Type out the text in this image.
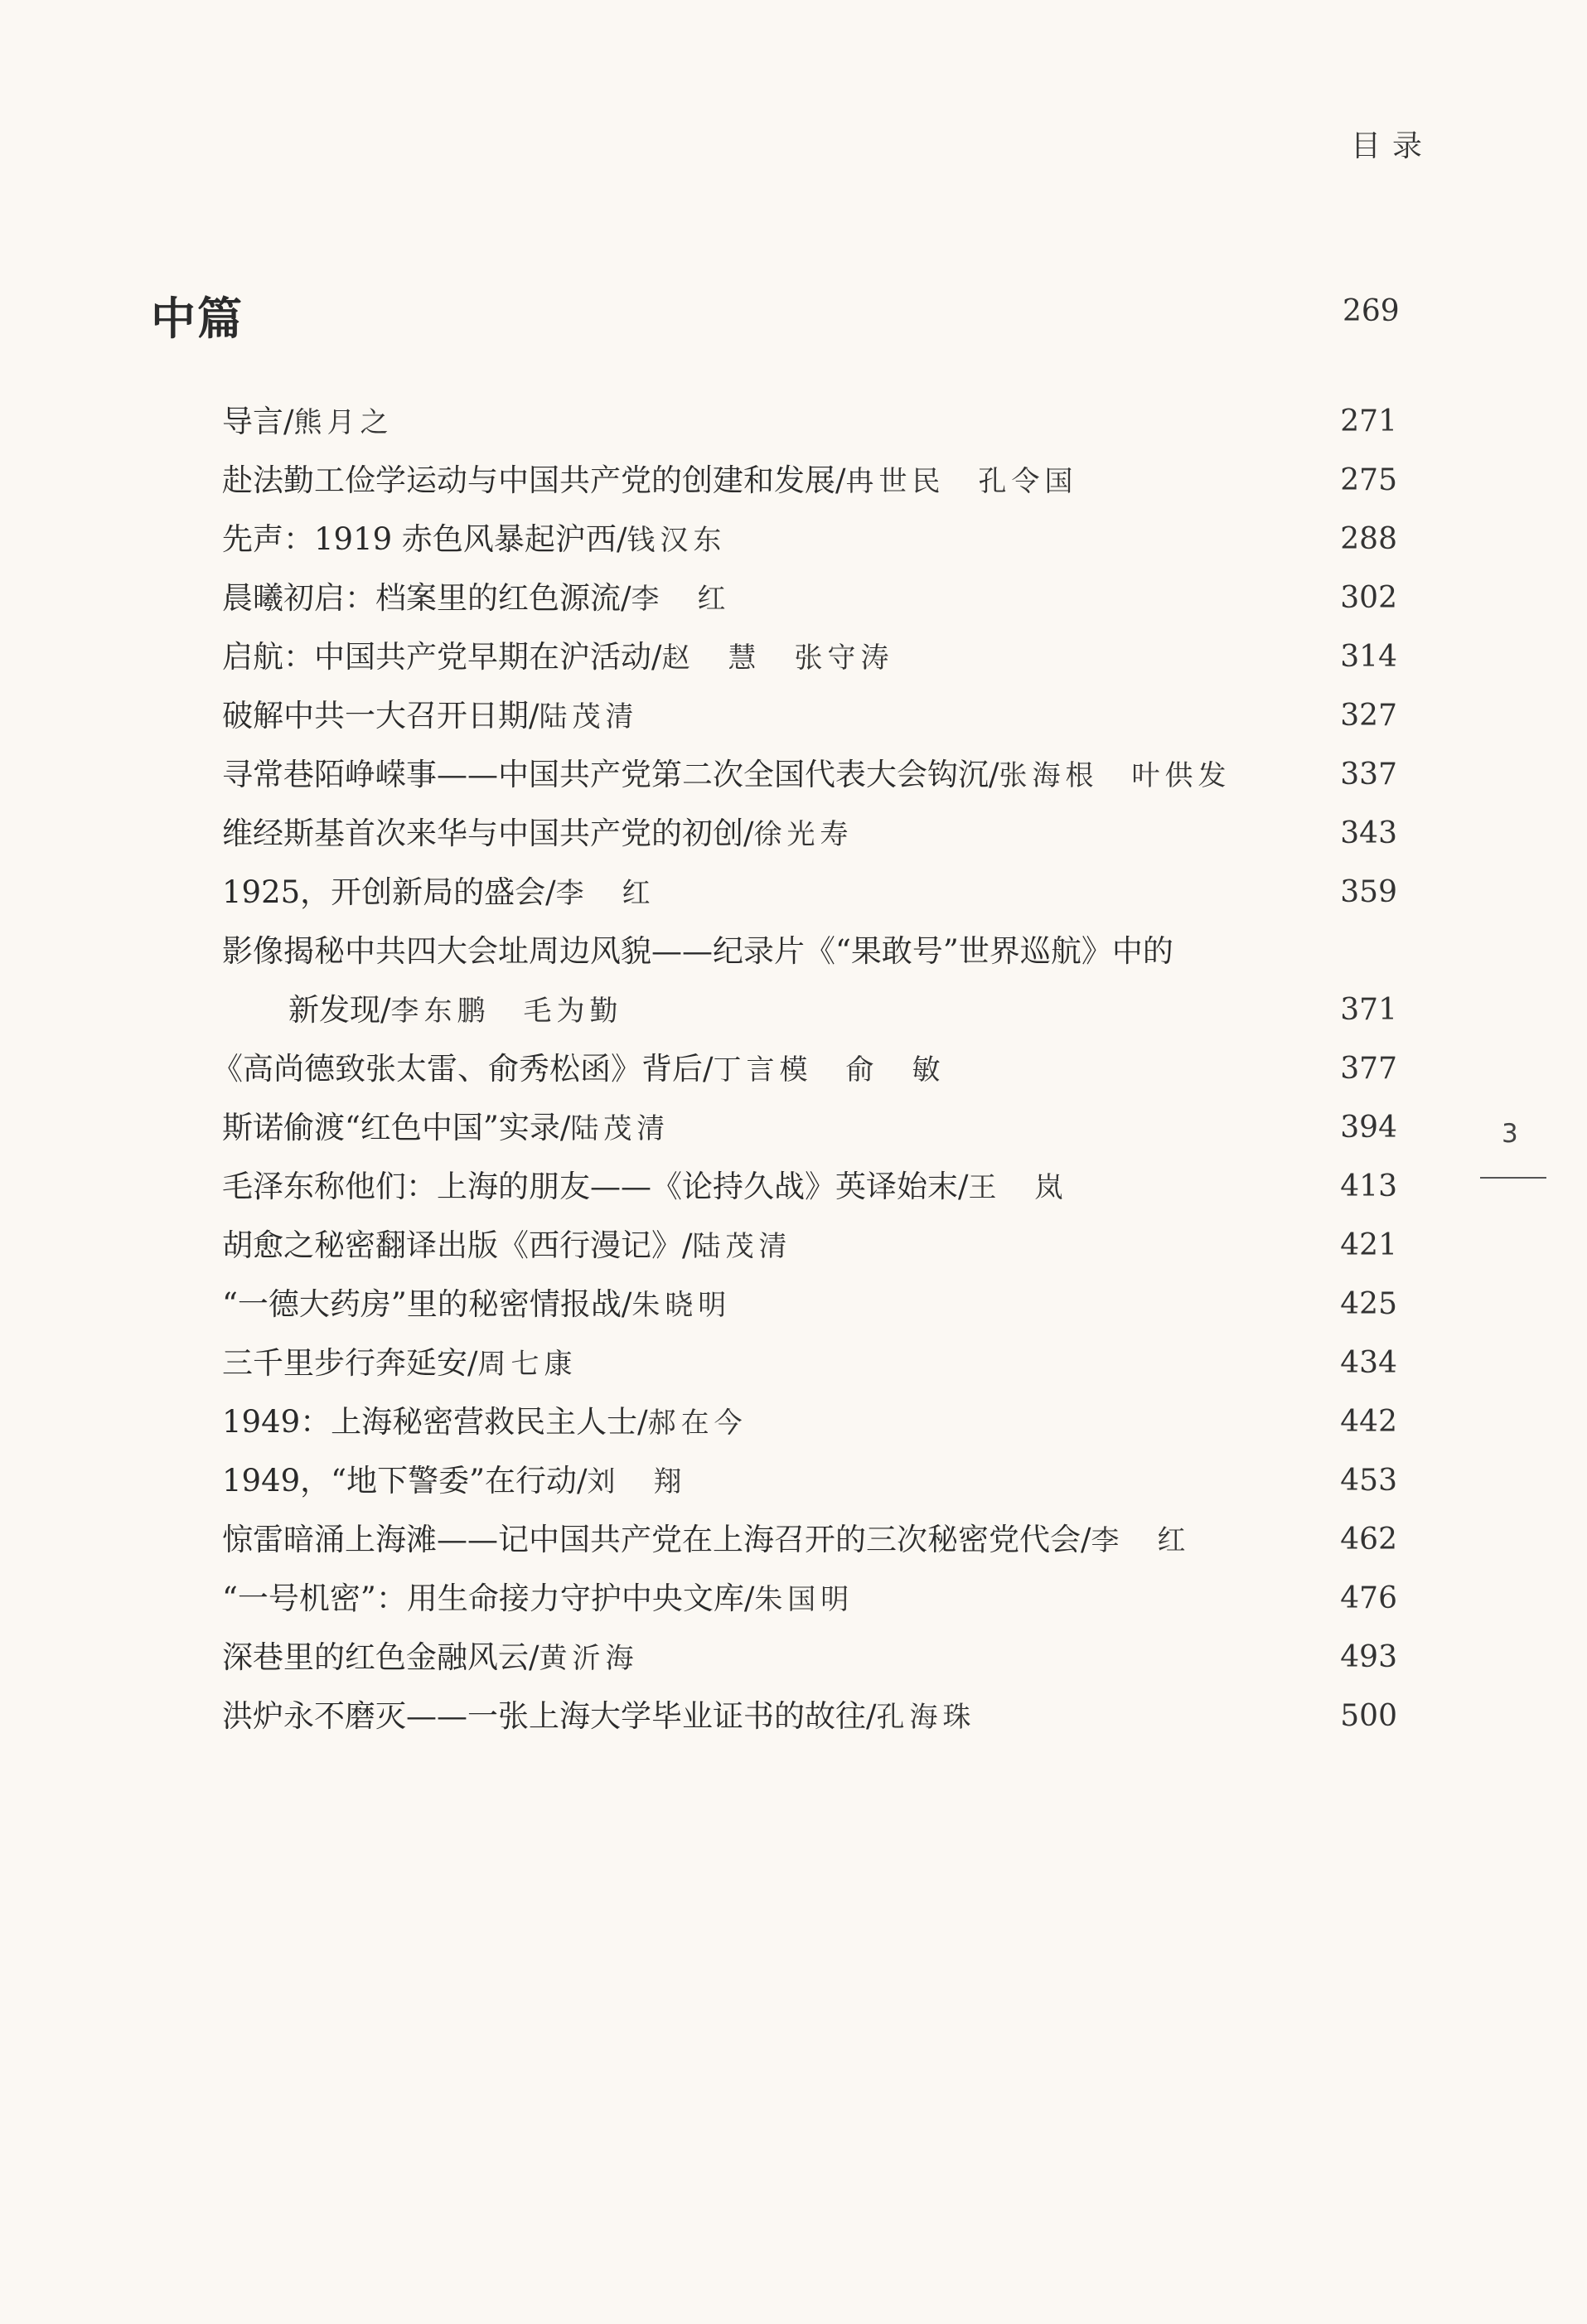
目录
中篇	269
导言/熊月之	271
赴法勤工俭学运动与中国共产党的创建和发展/冉世民　孔令国	275
先声：1919 赤色风暴起沪西/钱汉东	288
晨曦初启：档案里的红色源流/李　红	302
启航：中国共产党早期在沪活动/赵　慧　张守涛	314
破解中共一大召开日期/陆茂清	327
寻常巷陌峥嵘事——中国共产党第二次全国代表大会钩沉/张海根　叶供发	337
维经斯基首次来华与中国共产党的初创/徐光寿	343
1925，开创新局的盛会/李　红	359
影像揭秘中共四大会址周边风貌——纪录片《“果敢号”世界巡航》中的
新发现/李东鹏　毛为勤	371
《高尚德致张太雷、俞秀松函》背后/丁言模　俞　敏	377
斯诺偷渡“红色中国”实录/陆茂清	394
毛泽东称他们：上海的朋友——《论持久战》英译始末/王　岚	413
胡愈之秘密翻译出版《西行漫记》/陆茂清	421
“一德大药房”里的秘密情报战/朱晓明	425
三千里步行奔延安/周七康	434
1949：上海秘密营救民主人士/郝在今	442
1949，“地下警委”在行动/刘　翔	453
惊雷暗涌上海滩——记中国共产党在上海召开的三次秘密党代会/李　红	462
“一号机密”：用生命接力守护中央文库/朱国明	476
深巷里的红色金融风云/黄沂海	493
洪炉永不磨灭——一张上海大学毕业证书的故往/孔海珠	500
3
